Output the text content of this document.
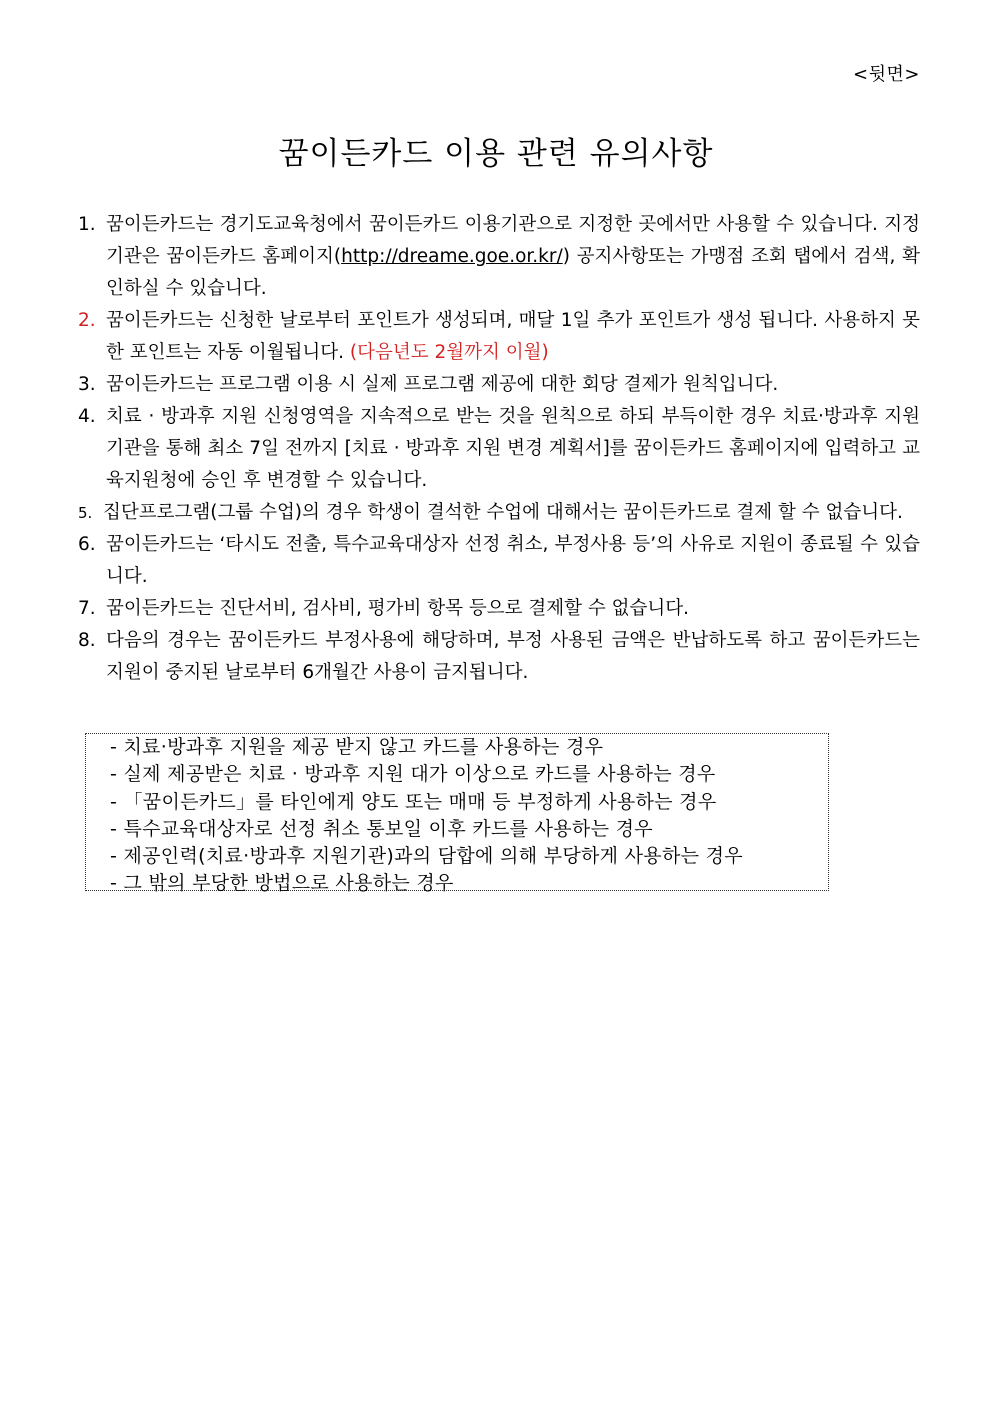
<뒷면>
꿈이든카드 이용 관련 유의사항
1. 꿈이든카드는 경기도교육청에서 꿈이든카드 이용기관으로 지정한 곳에서만 사용할 수 있습니다. 지정기관은 꿈이든카드 홈페이지(http://dreame.goe.or.kr/) 공지사항또는 가맹점 조회 탭에서 검색, 확인하실 수 있습니다.
2. 꿈이든카드는 신청한 날로부터 포인트가 생성되며, 매달 1일 추가 포인트가 생성 됩니다. 사용하지 못한 포인트는 자동 이월됩니다. (다음년도 2월까지 이월)
3. 꿈이든카드는 프로그램 이용 시 실제 프로그램 제공에 대한 회당 결제가 원칙입니다.
4. 치료 · 방과후 지원 신청영역을 지속적으로 받는 것을 원칙으로 하되 부득이한 경우 치료·방과후 지원기관을 통해 최소 7일 전까지 [치료 · 방과후 지원 변경 계획서]를 꿈이든카드 홈페이지에 입력하고 교육지원청에 승인 후 변경할 수 있습니다.
5. 집단프로그램(그룹 수업)의 경우 학생이 결석한 수업에 대해서는 꿈이든카드로 결제 할 수 없습니다.
6. 꿈이든카드는 ‘타시도 전출, 특수교육대상자 선정 취소, 부정사용 등’의 사유로 지원이 종료될 수 있습니다.
7. 꿈이든카드는 진단서비, 검사비, 평가비 항목 등으로 결제할 수 없습니다.
8. 다음의 경우는 꿈이든카드 부정사용에 해당하며, 부정 사용된 금액은 반납하도록 하고 꿈이든카드는 지원이 중지된 날로부터 6개월간 사용이 금지됩니다.
- 치료·방과후 지원을 제공 받지 않고 카드를 사용하는 경우
- 실제 제공받은 치료 · 방과후 지원 대가 이상으로 카드를 사용하는 경우
- 「꿈이든카드」를 타인에게 양도 또는 매매 등 부정하게 사용하는 경우
- 특수교육대상자로 선정 취소 통보일 이후 카드를 사용하는 경우
- 제공인력(치료·방과후 지원기관)과의 담합에 의해 부당하게 사용하는 경우
- 그 밖의 부당한 방법으로 사용하는 경우
